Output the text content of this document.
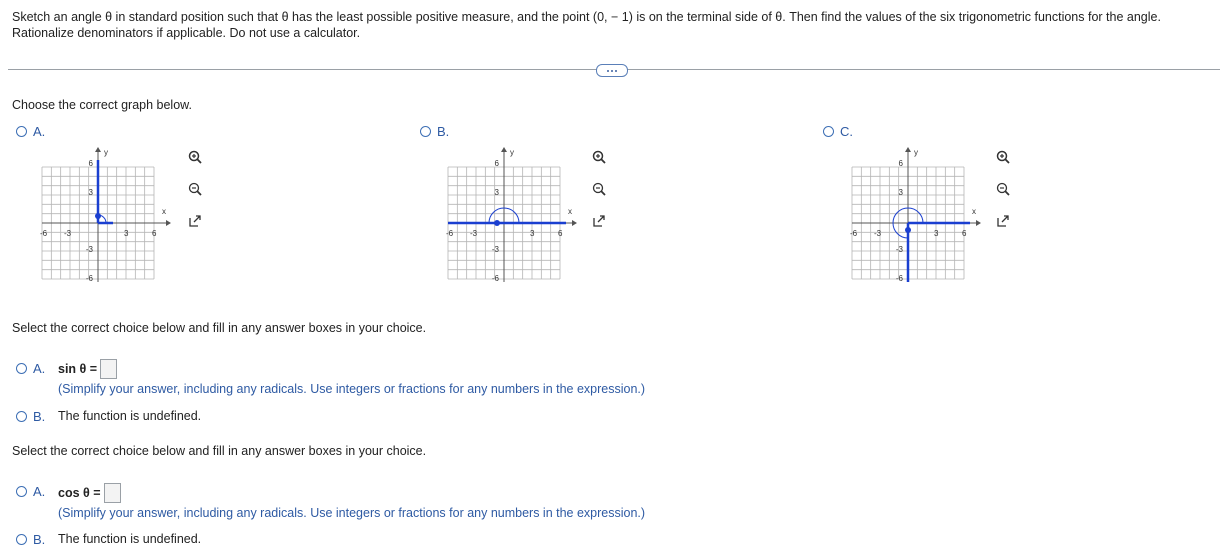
Sketch an angle θ in standard position such that θ has the least possible positive measure, and the point (0, − 1) is on the terminal side of θ. Then find the values of the six trigonometric functions for the angle.
Rationalize denominators if applicable. Do not use a calculator.
Choose the correct graph below.
A.
6
3
-3
-6
-6 -3	3	6
x
y
B.
6
3
-3
-6
-6 -3	3	6
x
y
C.
6
3
-3
-6
-6 -3	3	6
x
y
Select the correct choice below and fill in any answer boxes in your choice.
A. sin θ =
(Simplify your answer, including any radicals. Use integers or fractions for any numbers in the expression.)
B. The function is undefined.
Select the correct choice below and fill in any answer boxes in your choice.
A. cos θ =
(Simplify your answer, including any radicals. Use integers or fractions for any numbers in the expression.)
B. The function is undefined.
